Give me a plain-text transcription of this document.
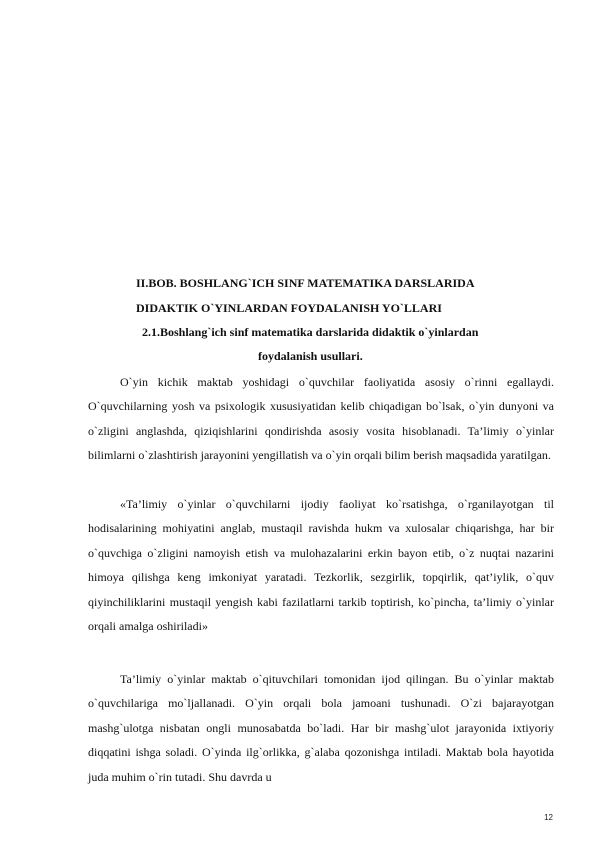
II.BOB. BOSHLANG`ICH SINF MATEMATIKA DARSLARIDA
DIDAKTIK O`YINLARDAN FOYDALANISH YO`LLARI
2.1.Boshlang`ich sinf matematika darslarida didaktik o`yinlardan
foydalanish usullari.
O`yin kichik maktab yoshidagi o`quvchilar faoliyatida asosiy o`rinni egallaydi. O`quvchilarning yosh va psixologik xususiyatidan kelib chiqadigan bo`lsak, o`yin dunyoni va o`zligini anglashda, qiziqishlarini qondirishda asosiy vosita hisoblanadi. Ta’limiy o`yinlar bilimlarni o`zlashtirish jarayonini yengillatish va o`yin orqali bilim berish maqsadida yaratilgan.
«Ta’limiy o`yinlar o`quvchilarni ijodiy faoliyat ko`rsatishga, o`rganilayotgan til hodisalarining mohiyatini anglab, mustaqil ravishda hukm va xulosalar chiqarishga, har bir o`quvchiga o`zligini namoyish etish va mulohazalarini erkin bayon etib, o`z nuqtai nazarini himoya qilishga keng imkoniyat yaratadi. Tezkorlik, sezgirlik, topqirlik, qat’iylik, o`quv qiyinchiliklarini mustaqil yengish kabi fazilatlarni tarkib toptirish, ko`pincha, ta’limiy o`yinlar orqali amalga oshiriladi»
Ta’limiy o`yinlar maktab o`qituvchilari tomonidan ijod qilingan. Bu o`yinlar maktab o`quvchilariga mo`ljallanadi. O`yin orqali bola jamoani tushunadi. O`zi bajarayotgan mashg`ulotga nisbatan ongli munosabatda bo`ladi. Har bir mashg`ulot jarayonida ixtiyoriy diqqatini ishga soladi. O`yinda ilg`orlikka, g`alaba qozonishga intiladi. Maktab bola hayotida juda muhim o`rin tutadi. Shu davrda u
12
